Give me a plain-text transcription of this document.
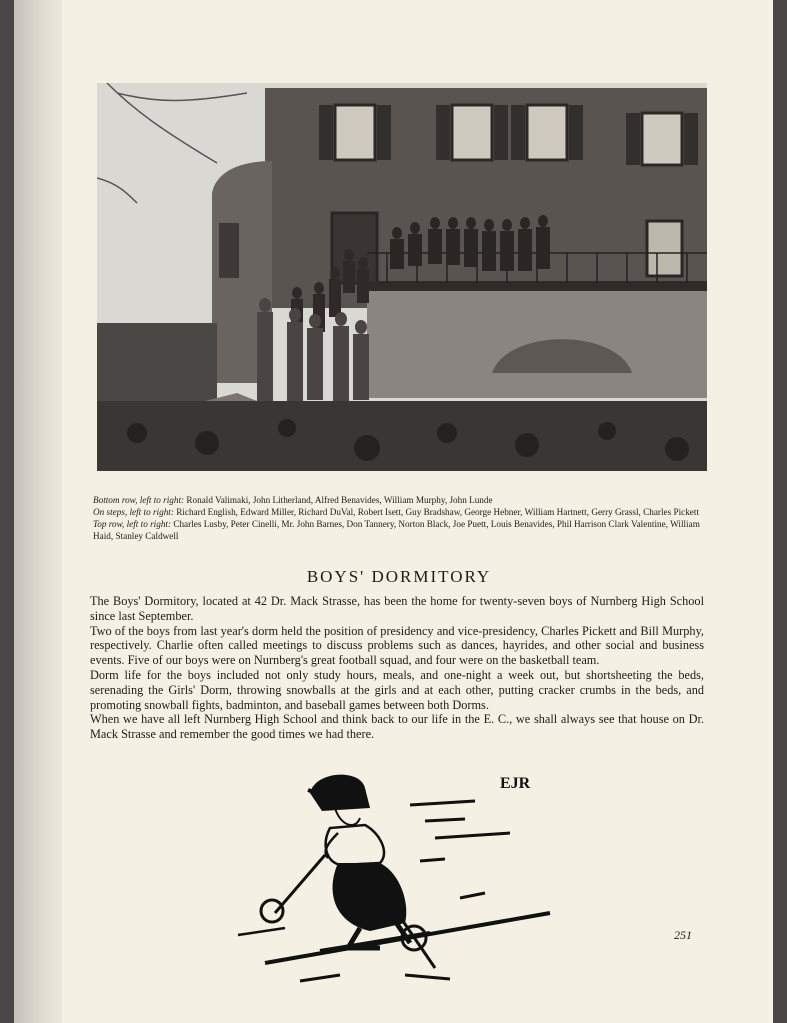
Bottom row, left to right: Ronald Valimaki, John Litherland, Alfred Benavides, William Murphy, John Lunde

On steps, left to right: Richard English, Edward Miller, Richard DuVal, Robert Isett, Guy Bradshaw, George Hebner, William Hartnett, Gerry Grassl, Charles Pickett

Top row, left to right: Charles Lusby, Peter Cinelli, Mr. John Barnes, Don Tannery, Norton Black, Joe Puett, Louis Benavides, Phil Harrison Clark Valentine, William Haid, Stanley Caldwell

BOYS' DORMITORY

The Boys' Dormitory, located at 42 Dr. Mack Strasse, has been the home for twenty-seven boys of Nurnberg High School since last September.

Two of the boys from last year's dorm held the position of presidency and vice-presidency, Charles Pickett and Bill Murphy, respectively. Charlie often called meetings to discuss problems such as dances, hayrides, and other social and business events. Five of our boys were on Nurnberg's great football squad, and four were on the basketball team.

Dorm life for the boys included not only study hours, meals, and one-night a week out, but shortsheeting the beds, serenading the Girls' Dorm, throwing snowballs at the girls and at each other, putting cracker crumbs in the beds, and promoting snowball fights, badminton, and baseball games between both Dorms.

When we have all left Nurnberg High School and think back to our life in the E. C., we shall always see that house on Dr. Mack Strasse and remember the good times we had there.

EJR
251
